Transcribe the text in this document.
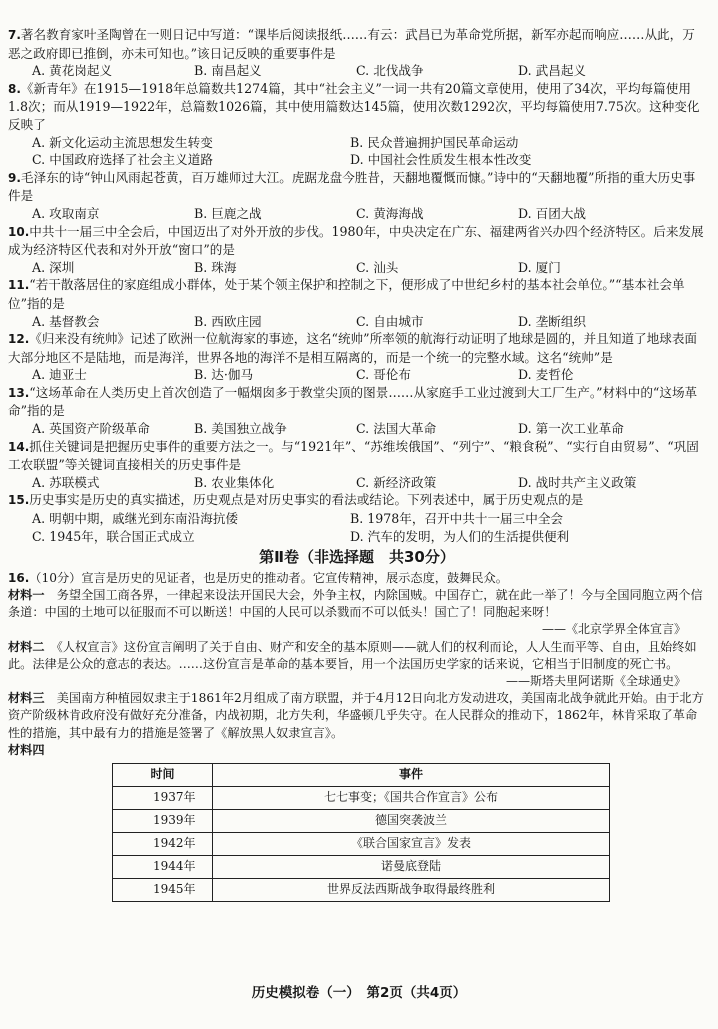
7.著名教育家叶圣陶曾在一则日记中写道：“课毕后阅读报纸……有云：武昌已为革命党所据，新军亦起而响应……从此，万恶之政府即已推倒，亦未可知也。”该日记反映的重要事件是
A. 黄花岗起义	B. 南昌起义	C. 北伐战争	D. 武昌起义
8.《新青年》在1915—1918年总篇数共1274篇，其中“社会主义”一词一共有20篇文章使用，使用了34次，平均每篇使用1.8次；而从1919—1922年，总篇数1026篇，其中使用篇数达145篇，使用次数1292次，平均每篇使用7.75次。这种变化反映了
A. 新文化运动主流思想发生转变	B. 民众普遍拥护国民革命运动
C. 中国政府选择了社会主义道路	D. 中国社会性质发生根本性改变
9.毛泽东的诗“钟山风雨起苍黄，百万雄师过大江。虎踞龙盘今胜昔，天翻地覆慨而慷。”诗中的“天翻地覆”所指的重大历史事件是
A. 攻取南京	B. 巨鹿之战	C. 黄海海战	D. 百团大战
10.中共十一届三中全会后，中国迈出了对外开放的步伐。1980年，中央决定在广东、福建两省兴办四个经济特区。后来发展成为经济特区代表和对外开放“窗口”的是
A. 深圳	B. 珠海	C. 汕头	D. 厦门
11.“若干散落居住的家庭组成小群体，处于某个领主保护和控制之下，便形成了中世纪乡村的基本社会单位。”“基本社会单位”指的是
A. 基督教会	B. 西欧庄园	C. 自由城市	D. 垄断组织
12.《归来没有统帅》记述了欧洲一位航海家的事迹，这名“统帅”所率领的航海行动证明了地球是圆的，并且知道了地球表面大部分地区不是陆地，而是海洋，世界各地的海洋不是相互隔离的，而是一个统一的完整水域。这名“统帅”是
A. 迪亚士	B. 达·伽马	C. 哥伦布	D. 麦哲伦
13.“这场革命在人类历史上首次创造了一幅烟囱多于教堂尖顶的图景……从家庭手工业过渡到大工厂生产。”材料中的“这场革命”指的是
A. 英国资产阶级革命	B. 美国独立战争	C. 法国大革命	D. 第一次工业革命
14.抓住关键词是把握历史事件的重要方法之一。与“1921年”、“苏维埃俄国”、“列宁”、“粮食税”、“实行自由贸易”、“巩固工农联盟”等关键词直接相关的历史事件是
A. 苏联模式	B. 农业集体化	C. 新经济政策	D. 战时共产主义政策
15.历史事实是历史的真实描述，历史观点是对历史事实的看法或结论。下列表述中，属于历史观点的是
A. 明朝中期，戚继光到东南沿海抗倭	B. 1978年，召开中共十一届三中全会
C. 1945年，联合国正式成立	D. 汽车的发明，为人们的生活提供便利
第Ⅱ卷（非选择题　共30分）
16.（10分）宣言是历史的见证者，也是历史的推动者。它宣传精神，展示态度，鼓舞民众。
材料一　务望全国工商各界，一律起来设法开国民大会，外争主权，内除国贼。中国存亡，就在此一举了！今与全国同胞立两个信条道：中国的土地可以征服而不可以断送！中国的人民可以杀戮而不可以低头！国亡了！同胞起来呀！
——《北京学界全体宣言》
材料二　《人权宣言》这份宣言阐明了关于自由、财产和安全的基本原则——就人们的权利而论，人人生而平等、自由，且始终如此。法律是公众的意志的表达。……这份宣言是革命的基本要旨，用一个法国历史学家的话来说，它相当于旧制度的死亡书。
——斯塔夫里阿诺斯《全球通史》
材料三　美国南方种植园奴隶主于1861年2月组成了南方联盟，并于4月12日向北方发动进攻，美国南北战争就此开始。由于北方资产阶级林肯政府没有做好充分准备，内战初期，北方失利，华盛顿几乎失守。在人民群众的推动下，1862年，林肯采取了革命性的措施，其中最有力的措施是签署了《解放黑人奴隶宣言》。
材料四
时间	事件
1937年	七七事变；《国共合作宣言》公布
1939年	德国突袭波兰
1942年	《联合国家宣言》发表
1944年	诺曼底登陆
1945年	世界反法西斯战争取得最终胜利
历史模拟卷（一）　第2页（共4页）
